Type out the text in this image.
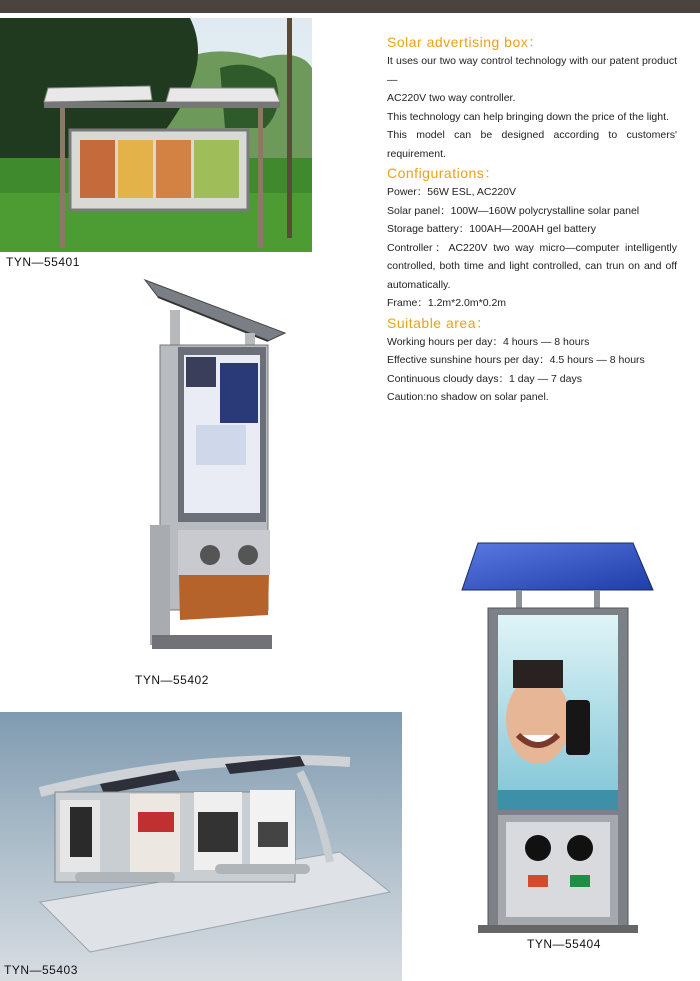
TYN—55401

Solar advertising box：

It uses our two way control technology with our patent product—

AC220V two way controller.

This technology can help bringing down the price of the light.

This model can be designed according to customers' requirement.

Configurations：

Power：56W ESL, AC220V

Solar panel：100W—160W polycrystalline solar panel

Storage battery：100AH—200AH gel battery

Controller：AC220V two way micro—computer intelligently controlled, both time and light controlled, can trun on and off automatically.

Frame：1.2m*2.0m*0.2m

Suitable area：

Working hours per day：4 hours — 8 hours

Effective sunshine hours per day：4.5 hours — 8 hours

Continuous cloudy days：1 day — 7 days

Caution:no shadow on solar panel.

TYN—55402
TYN—55403
TYN—55404
